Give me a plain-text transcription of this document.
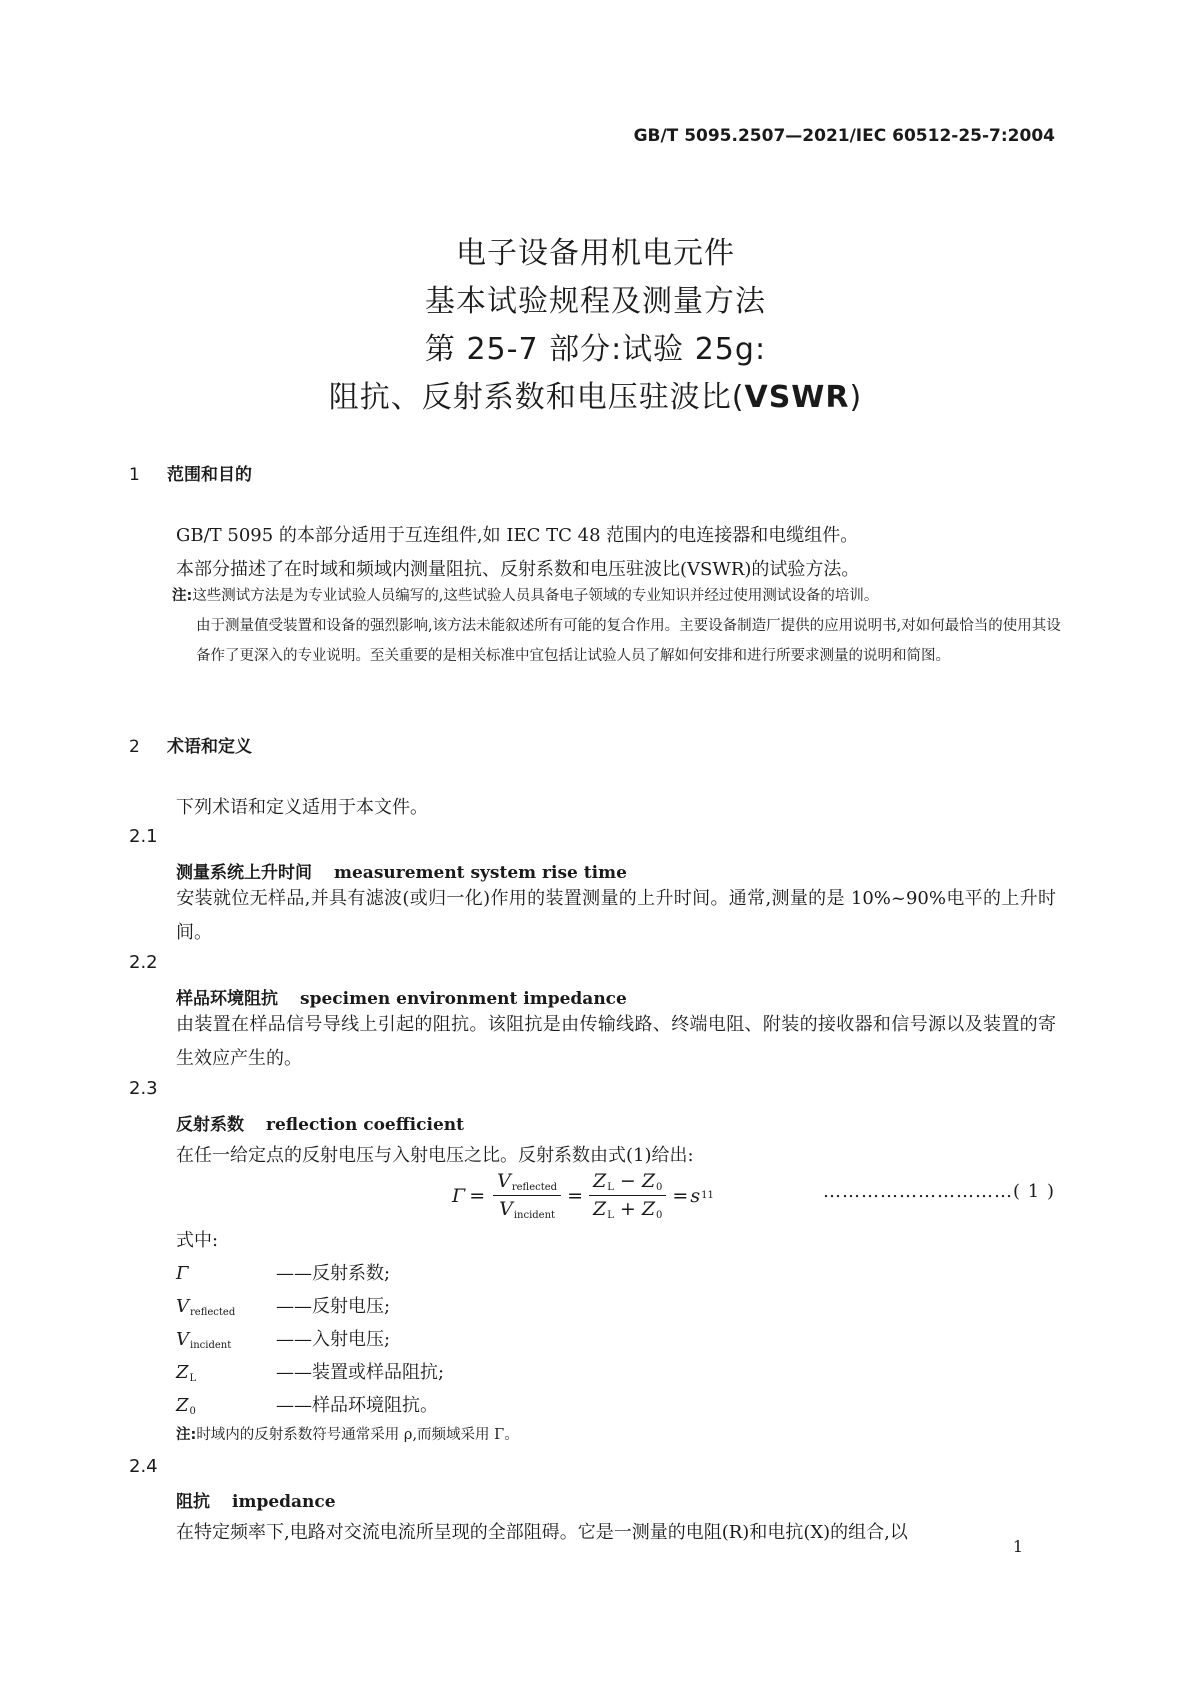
GB/T 5095.2507—2021/IEC 60512-25-7:2004
电子设备用机电元件
基本试验规程及测量方法
第 25-7 部分:试验 25g:
阻抗、反射系数和电压驻波比(VSWR)
1 范围和目的
GB/T 5095 的本部分适用于互连组件,如 IEC TC 48 范围内的电连接器和电缆组件。
本部分描述了在时域和频域内测量阻抗、反射系数和电压驻波比(VSWR)的试验方法。
注:这些测试方法是为专业试验人员编写的,这些试验人员具备电子领域的专业知识并经过使用测试设备的培训。
由于测量值受装置和设备的强烈影响,该方法未能叙述所有可能的复合作用。主要设备制造厂提供的应用说明书,对如何最恰当的使用其设备作了更深入的专业说明。至关重要的是相关标准中宜包括让试验人员了解如何安排和进行所要求测量的说明和简图。
2 术语和定义
下列术语和定义适用于本文件。
2.1
测量系统上升时间 measurement system rise time
安装就位无样品,并具有滤波(或归一化)作用的装置测量的上升时间。通常,测量的是 10%~90%电平的上升时间。
2.2
样品环境阻抗 specimen environment impedance
由装置在样品信号导线上引起的阻抗。该阻抗是由传输线路、终端电阻、附装的接收器和信号源以及装置的寄生效应产生的。
2.3
反射系数 reflection coefficient
在任一给定点的反射电压与入射电压之比。反射系数由式(1)给出:
$\Gamma = \frac{V_{reflected}}{V_{incident}} = \frac{Z_L - Z_0}{Z_L + Z_0} = s$ 11	…………………………( 1 )
式中:
Γ	——反射系数;
$V_{reflected}$ ——反射电压;
$V_{incident}$ ——入射电压;
$Z_L$	——装置或样品阻抗;
$Z_0$	——样品环境阻抗。
注:时域内的反射系数符号通常采用 ρ,而频域采用 Γ。
2.4
阻抗 impedance
在特定频率下,电路对交流电流所呈现的全部阻碍。它是一测量的电阻(R)和电抗(X)的组合,以
1
